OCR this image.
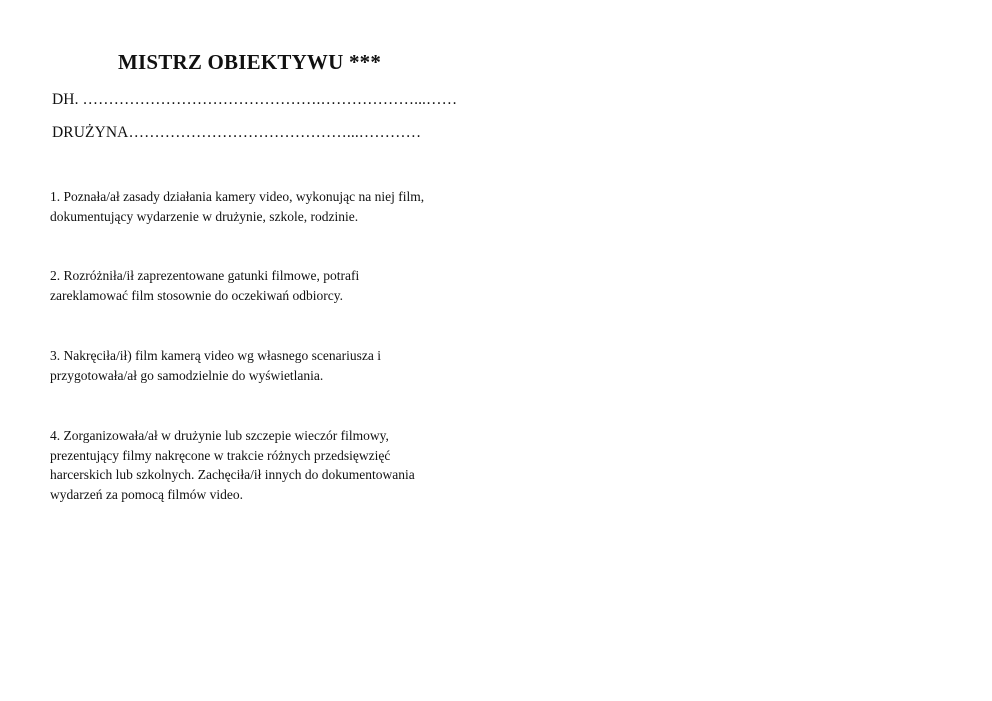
MISTRZ OBIEKTYWU ***
DH. ……………………………………….………………...……
DRUŻYNA……………………………………...…………
1. Poznała/ał zasady działania kamery video, wykonując na niej film,
dokumentujący wydarzenie w drużynie, szkole, rodzinie.
2. Rozróżniła/ił zaprezentowane gatunki filmowe, potrafi
zareklamować film stosownie do oczekiwań odbiorcy.
3. Nakręciła/ił) film kamerą video wg własnego scenariusza i
przygotowała/ał go samodzielnie do wyświetlania.
4. Zorganizowała/ał w drużynie lub szczepie wieczór filmowy,
prezentujący filmy nakręcone w trakcie różnych przedsięwzięć
harcerskich lub szkolnych. Zachęciła/ił innych do dokumentowania
wydarzeń za pomocą filmów video.
